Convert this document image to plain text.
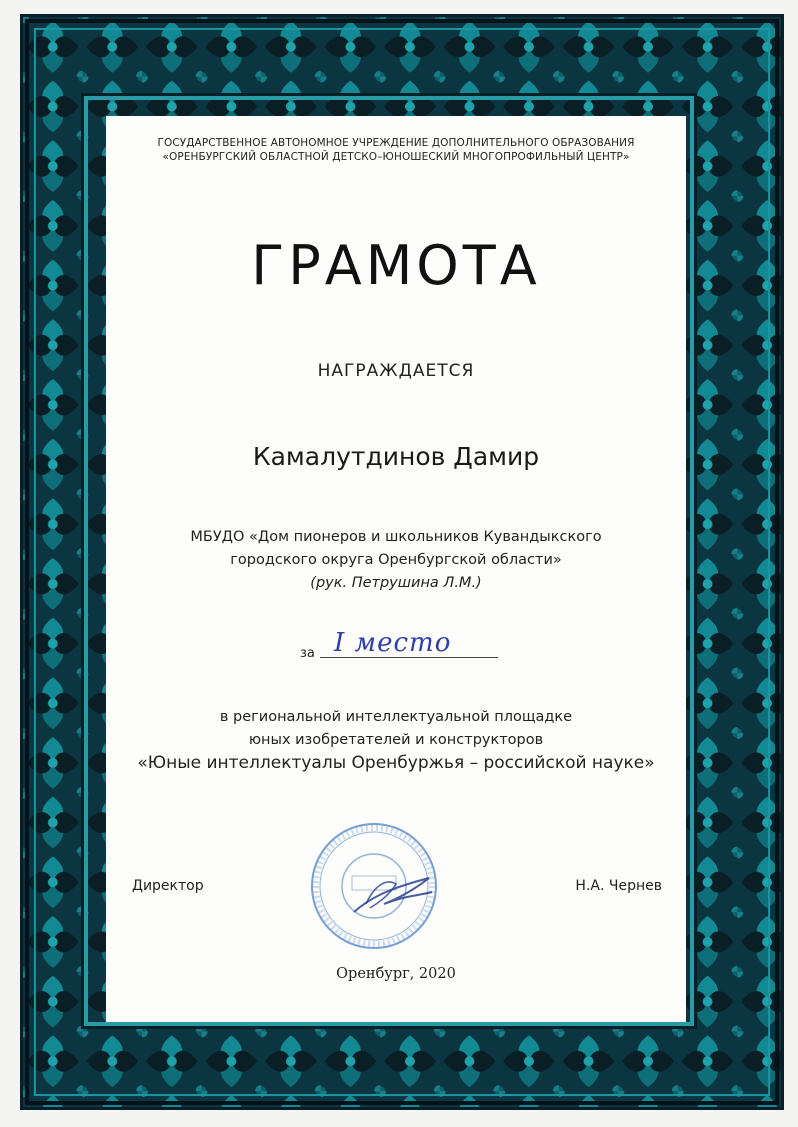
ГОСУДАРСТВЕННОЕ АВТОНОМНОЕ УЧРЕЖДЕНИЕ ДОПОЛНИТЕЛЬНОГО ОБРАЗОВАНИЯ
«ОРЕНБУРГСКИЙ ОБЛАСТНОЙ ДЕТСКО–ЮНОШЕСКИЙ МНОГОПРОФИЛЬНЫЙ ЦЕНТР»
ГРАМОТА
НАГРАЖДАЕТСЯ
Камалутдинов Дамир
МБУДО «Дом пионеров и школьников Кувандыкского
городского округа Оренбургской области»
(рук. Петрушина Л.М.)
за I место
в региональной интеллектуальной площадке
юных изобретателей и конструкторов
«Юные интеллектуалы Оренбуржья – российской науке»
Директор	Н.А. Чернев
Оренбург, 2020
